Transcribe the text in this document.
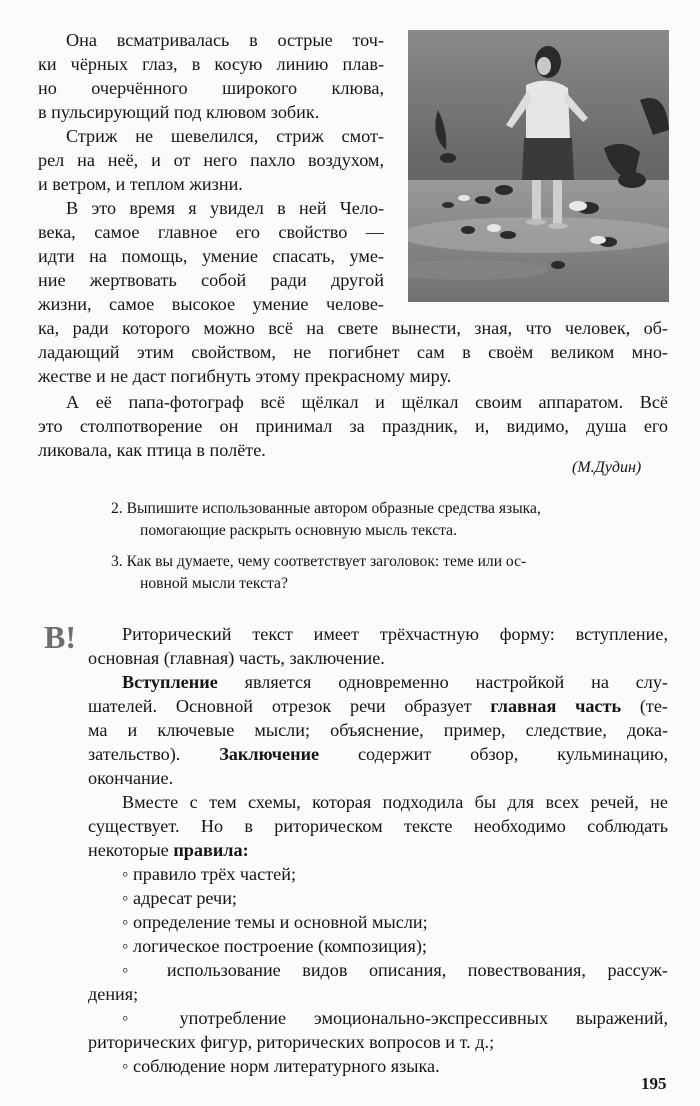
Она всматривалась в острые точ-
ки чёрных глаз, в косую линию плав-
но очерчённого широкого клюва,
в пульсирующий под клювом зобик.
Стриж не шевелился, стриж смот-
рел на неё, и от него пахло воздухом,
и ветром, и теплом жизни.
В это время я увидел в ней Чело-
века, самое главное его свойство —
идти на помощь, умение спасать, уме-
ние жертвовать собой ради другой
жизни, самое высокое умение челове-
ка, ради которого можно всё на свете вынести, зная, что человек, об-
ладающий этим свойством, не погибнет сам в своём великом мно-
жестве и не даст погибнуть этому прекрасному миру.
А её папа-фотограф всё щёлкал и щёлкал своим аппаратом. Всё
это столпотворение он принимал за праздник, и, видимо, душа его
ликовала, как птица в полёте.
(М.Дудин)
2. Выпишите использованные автором образные средства языка,
помогающие раскрыть основную мысль текста.
3. Как вы думаете, чему соответствует заголовок: теме или ос-
новной мысли текста?
В!	Риторический текст имеет трёхчастную форму: вступление,
основная (главная) часть, заключение.
Вступление является одновременно настройкой на слу-
шателей. Основной отрезок речи образует главная часть (те-
ма и ключевые мысли; объяснение, пример, следствие, дока-
зательство). Заключение содержит обзор, кульминацию,
окончание.
Вместе с тем схемы, которая подходила бы для всех речей, не
существует. Но в риторическом тексте необходимо соблюдать
некоторые правила:
◦ правило трёх частей;
◦ адресат речи;
◦ определение темы и основной мысли;
◦ логическое построение (композиция);
◦ использование видов описания, повествования, рассуж-
дения;
◦ употребление эмоционально-экспрессивных выражений,
риторических фигур, риторических вопросов и т. д.;
◦ соблюдение норм литературного языка.
195
